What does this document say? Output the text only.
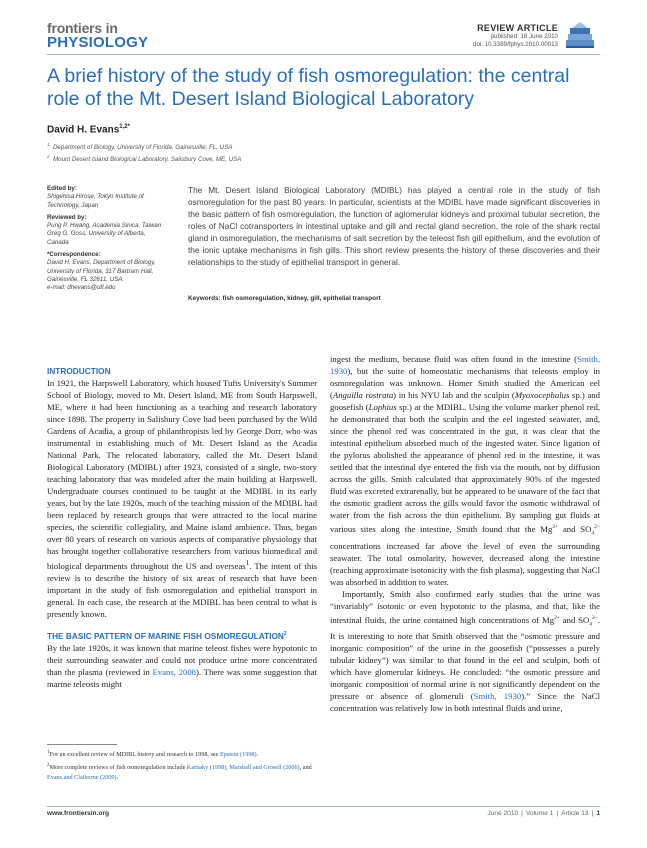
frontiers in
PHYSIOLOGY
REVIEW ARTICLE
published: 18 June 2010
doi: 10.3389/fphys.2010.00013
A brief history of the study of fish osmoregulation: the central role of the Mt. Desert Island Biological Laboratory
David H. Evans$^{1,2*}$
$^1$ Department of Biology, University of Florida, Gainesville, FL, USA
$^2$ Mount Desert Island Biological Laboratory, Salisbury Cove, ME, USA
Edited by:
Shigehisa Hirose, Tokyo Institute of Technology, Japan
Reviewed by:
Pung P. Hwang, Academia Sinica, Taiwan
Greg G. Goss, University of Alberta, Canada
*Correspondence:
David H. Evans, Department of Biology, University of Florida, 317 Bartram Hall, Gainesville, FL 32611, USA.
e-mail: dhevans@ufl.edu
The Mt. Desert Island Biological Laboratory (MDIBL) has played a central role in the study of fish osmoregulation for the past 80 years. In particular, scientists at the MDIBL have made significant discoveries in the basic pattern of fish osmoregulation, the function of aglomerular kidneys and proximal tubular secretion, the roles of NaCl cotransporters in intestinal uptake and gill and rectal gland secretion, the role of the shark rectal gland in osmoregulation, the mechanisms of salt secretion by the teleost fish gill epithelium, and the evolution of the ionic uptake mechanisms in fish gills. This short review presents the history of these discoveries and their relationships to the study of epithelial transport in general.
Keywords: fish osmoregulation, kidney, gill, epithelial transport
INTRODUCTION

In 1921, the Harpswell Laboratory, which housed Tufts University's Summer School of Biology, moved to Mt. Desert Island, ME from South Harpswell, ME, where it had been functioning as a teaching and research laboratory since 1898. The property in Salisbury Cove had been purchased by the Wild Gardens of Acadia, a group of philanthropists led by George Dorr, who was instrumental in establishing much of Mt. Desert Island as the Acadia National Park. The relocated laboratory, called the Mt. Desert Island Biological Laboratory (MDIBL) after 1923, consisted of a single, two-story teaching laboratory that was modeled after the main building at Harpswell. Undergraduate courses continued to be taught at the MDIBL in its early years, but by the late 1920s, much of the teaching mission of the MDIBL had been replaced by research groups that were attracted to the local marine species, the scientific collegiality, and Maine island ambience. Thus, began over 80 years of research on various aspects of comparative physiology that has brought together collaborative researchers from various biomedical and biological departments throughout the US and overseas$^1$. The intent of this review is to describe the history of six areas of research that have been important in the study of fish osmoregulation and epithelial transport in general. In each case, the research at the MDIBL has been central to what is presently known.

THE BASIC PATTERN OF MARINE FISH OSMOREGULATION$^2$

By the late 1920s, it was known that marine teleost fishes were hypotonic to their surrounding seawater and could not produce urine more concentrated than the plasma (reviewed in Evans, 2008). There was some suggestion that marine teleosts might

$^1$For an excellent review of MDIBL history and research to 1998, see Epstein (1998).
$^2$More complete reviews of fish osmoregulation include Karnaky (1998), Marshall and Grosell (2006), and Evans and Claiborne (2009).

ingest the medium, because fluid was often found in the intestine (Smith, 1930), but the suite of homeostatic mechanisms that teleosts employ in osmoregulation was unknown. Homer Smith studied the American eel (Anguilla rostrata) in his NYU lab and the sculpin (Myoxocephalus sp.) and goosefish (Lophius sp.) at the MDIBL. Using the volume marker phenol red, he demonstrated that both the sculpin and the eel ingested seawater, and, since the phenol red was concentrated in the gut, it was clear that the intestinal epithelium absorbed much of the ingested water. Since ligation of the pylorus abolished the appearance of phenol red in the intestine, it was settled that the intestinal dye entered the fish via the mouth, not by diffusion across the gills. Smith calculated that approximately 90% of the ingested fluid was excreted extrarenally, but he appeared to be unaware of the fact that the osmotic gradient across the gills would favor the osmotic withdrawal of water from the fish across the thin epithelium. By sampling gut fluids at various sites along the intestine, Smith found that the $Mg^{2+}$ and $SO_4^{2-}$ concentrations increased far above the level of even the surrounding seawater. The total osmolarity, however, decreased along the intestine (reaching approximate isotonicity with the fish plasma), suggesting that NaCl was absorbed in addition to water.

Importantly, Smith also confirmed early studies that the urine was “invariably” isotonic or even hypotonic to the plasma, and that, like the intestinal fluids, the urine contained high concentrations of $Mg^{2+}$ and $SO_4^{2-}$. It is interesting to note that Smith observed that the “osmotic pressure and inorganic composition” of the urine in the goosefish (“possesses a purely tubular kidney”) was similar to that found in the eel and sculpin, both of which have glomerular kidneys. He concluded: “the osmotic pressure and inorganic composition of normal urine is not significantly dependent on the pressure or absence of glomeruli (Smith, 1930).” Since the NaCl concentration was relatively low in both intestinal fluids and urine,

www.frontiersin.org	June 2010 | Volume 1 | Article 13 | 1
